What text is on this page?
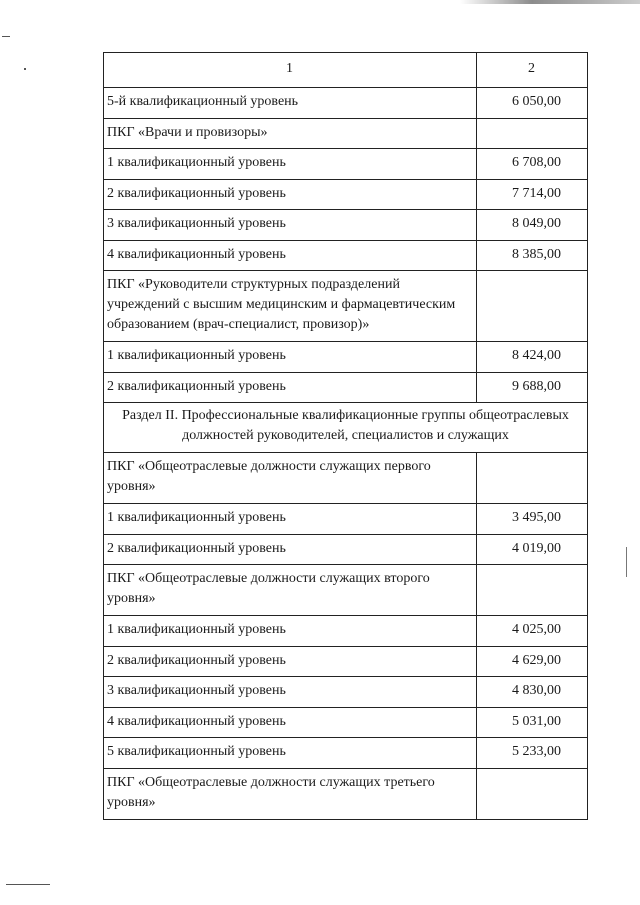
1	2
5-й квалификационный уровень	6 050,00
ПКГ «Врачи и провизоры»	
1 квалификационный уровень	6 708,00
2 квалификационный уровень	7 714,00
3 квалификационный уровень	8 049,00
4 квалификационный уровень	8 385,00
ПКГ «Руководители структурных подразделений учреждений с высшим медицинским и фармацевтическим образованием (врач-специалист, провизор)»	
1 квалификационный уровень	8 424,00
2 квалификационный уровень	9 688,00
Раздел II. Профессиональные квалификационные группы общеотраслевых должностей руководителей, специалистов и служащих	
ПКГ «Общеотраслевые должности служащих первого уровня»	
1 квалификационный уровень	3 495,00
2 квалификационный уровень	4 019,00
ПКГ «Общеотраслевые должности служащих второго уровня»	
1 квалификационный уровень	4 025,00
2 квалификационный уровень	4 629,00
3 квалификационный уровень	4 830,00
4 квалификационный уровень	5 031,00
5 квалификационный уровень	5 233,00
ПКГ «Общеотраслевые должности служащих третьего уровня»	
